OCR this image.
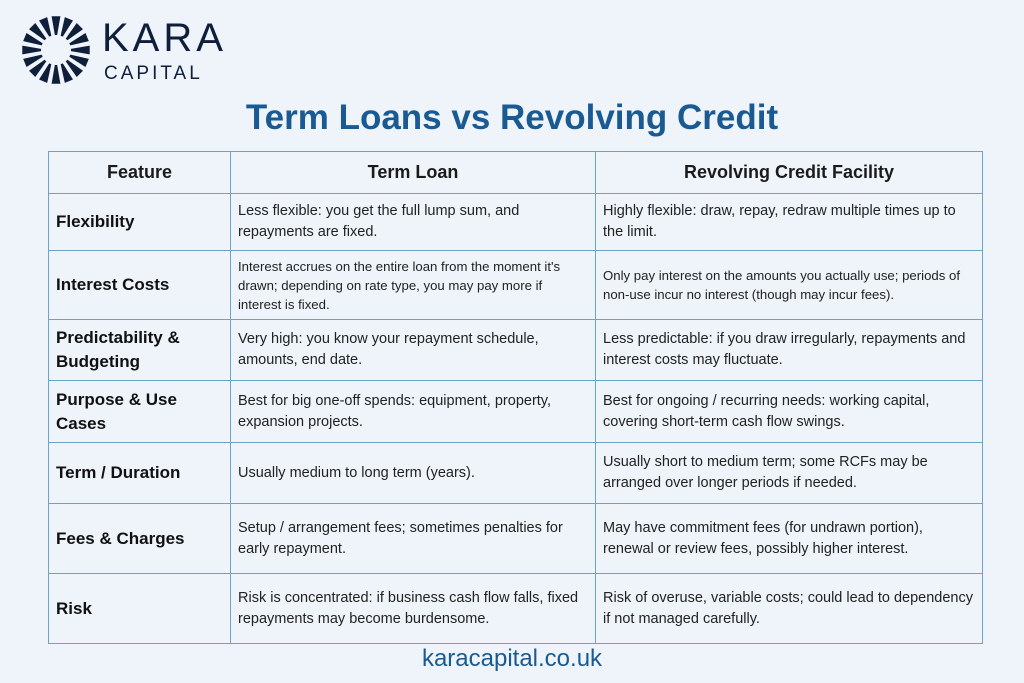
KARA
CAPITAL
Term Loans vs Revolving Credit
Feature	Term Loan	Revolving Credit Facility
Flexibility	Less flexible: you get the full lump sum, and repayments are fixed.	Highly flexible: draw, repay, redraw multiple times up to the limit.
Interest Costs	Interest accrues on the entire loan from the moment it's drawn; depending on rate type, you may pay more if interest is fixed.	Only pay interest on the amounts you actually use; periods of non-use incur no interest (though may incur fees).
Predictability & Budgeting	Very high: you know your repayment schedule, amounts, end date.	Less predictable: if you draw irregularly, repayments and interest costs may fluctuate.
Purpose & Use Cases	Best for big one-off spends: equipment, property, expansion projects.	Best for ongoing / recurring needs: working capital, covering short-term cash flow swings.
Term / Duration	Usually medium to long term (years).	Usually short to medium term; some RCFs may be arranged over longer periods if needed.
Fees & Charges	Setup / arrangement fees; sometimes penalties for early repayment.	May have commitment fees (for undrawn portion), renewal or review fees, possibly higher interest.
Risk	Risk is concentrated: if business cash flow falls, fixed repayments may become burdensome.	Risk of overuse, variable costs; could lead to dependency if not managed carefully.
karacapital.co.uk
